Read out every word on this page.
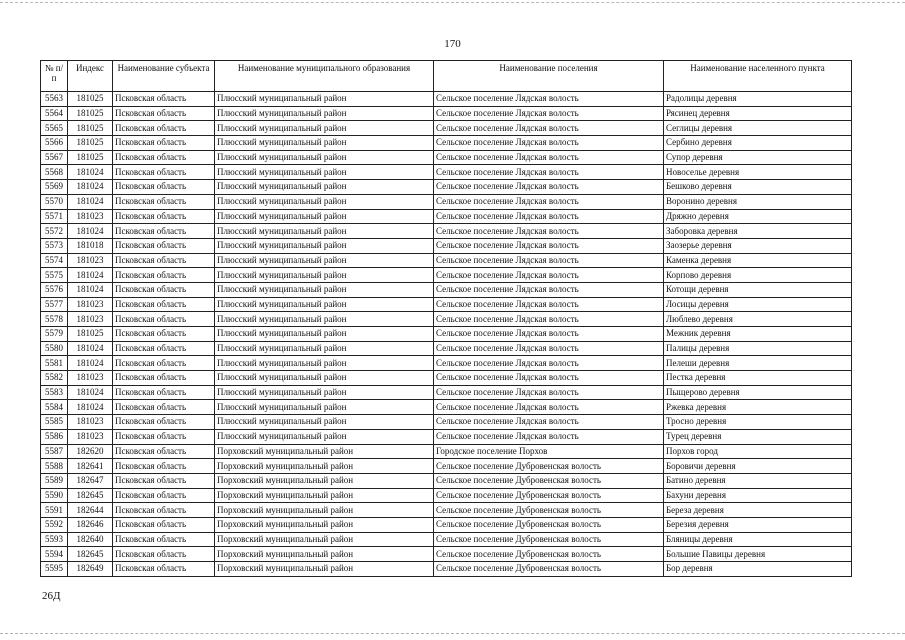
170
№ п/п	Индекс	Наименование субъекта	Наименование муниципального образования	Наименование поселения	Наименование населенного пункта
5563	181025	Псковская область	Плюсский муниципальный район	Сельское поселение Лядская волость	Радолицы деревня
5564	181025	Псковская область	Плюсский муниципальный район	Сельское поселение Лядская волость	Рясинец деревня
5565	181025	Псковская область	Плюсский муниципальный район	Сельское поселение Лядская волость	Сеглицы деревня
5566	181025	Псковская область	Плюсский муниципальный район	Сельское поселение Лядская волость	Сербино деревня
5567	181025	Псковская область	Плюсский муниципальный район	Сельское поселение Лядская волость	Супор деревня
5568	181024	Псковская область	Плюсский муниципальный район	Сельское поселение Лядская волость	Новоселье деревня
5569	181024	Псковская область	Плюсский муниципальный район	Сельское поселение Лядская волость	Бешково деревня
5570	181024	Псковская область	Плюсский муниципальный район	Сельское поселение Лядская волость	Воронино деревня
5571	181023	Псковская область	Плюсский муниципальный район	Сельское поселение Лядская волость	Дряжно деревня
5572	181024	Псковская область	Плюсский муниципальный район	Сельское поселение Лядская волость	Заборовка деревня
5573	181018	Псковская область	Плюсский муниципальный район	Сельское поселение Лядская волость	Заозерье деревня
5574	181023	Псковская область	Плюсский муниципальный район	Сельское поселение Лядская волость	Каменка деревня
5575	181024	Псковская область	Плюсский муниципальный район	Сельское поселение Лядская волость	Корпово деревня
5576	181024	Псковская область	Плюсский муниципальный район	Сельское поселение Лядская волость	Котощи деревня
5577	181023	Псковская область	Плюсский муниципальный район	Сельское поселение Лядская волость	Лосицы деревня
5578	181023	Псковская область	Плюсский муниципальный район	Сельское поселение Лядская волость	Люблево деревня
5579	181025	Псковская область	Плюсский муниципальный район	Сельское поселение Лядская волость	Межник деревня
5580	181024	Псковская область	Плюсский муниципальный район	Сельское поселение Лядская волость	Палицы деревня
5581	181024	Псковская область	Плюсский муниципальный район	Сельское поселение Лядская волость	Пелеши деревня
5582	181023	Псковская область	Плюсский муниципальный район	Сельское поселение Лядская волость	Пестка деревня
5583	181024	Псковская область	Плюсский муниципальный район	Сельское поселение Лядская волость	Пыщерово деревня
5584	181024	Псковская область	Плюсский муниципальный район	Сельское поселение Лядская волость	Ржевка деревня
5585	181023	Псковская область	Плюсский муниципальный район	Сельское поселение Лядская волость	Тросно деревня
5586	181023	Псковская область	Плюсский муниципальный район	Сельское поселение Лядская волость	Турец деревня
5587	182620	Псковская область	Порховский муниципальный район	Городское поселение Порхов	Порхов город
5588	182641	Псковская область	Порховский муниципальный район	Сельское поселение Дубровенская волость	Боровичи деревня
5589	182647	Псковская область	Порховский муниципальный район	Сельское поселение Дубровенская волость	Батино деревня
5590	182645	Псковская область	Порховский муниципальный район	Сельское поселение Дубровенская волость	Бахуни деревня
5591	182644	Псковская область	Порховский муниципальный район	Сельское поселение Дубровенская волость	Береза деревня
5592	182646	Псковская область	Порховский муниципальный район	Сельское поселение Дубровенская волость	Березия деревня
5593	182640	Псковская область	Порховский муниципальный район	Сельское поселение Дубровенская волость	Бляницы деревня
5594	182645	Псковская область	Порховский муниципальный район	Сельское поселение Дубровенская волость	Большие Павицы деревня
5595	182649	Псковская область	Порховский муниципальный район	Сельское поселение Дубровенская волость	Бор деревня
26Д
